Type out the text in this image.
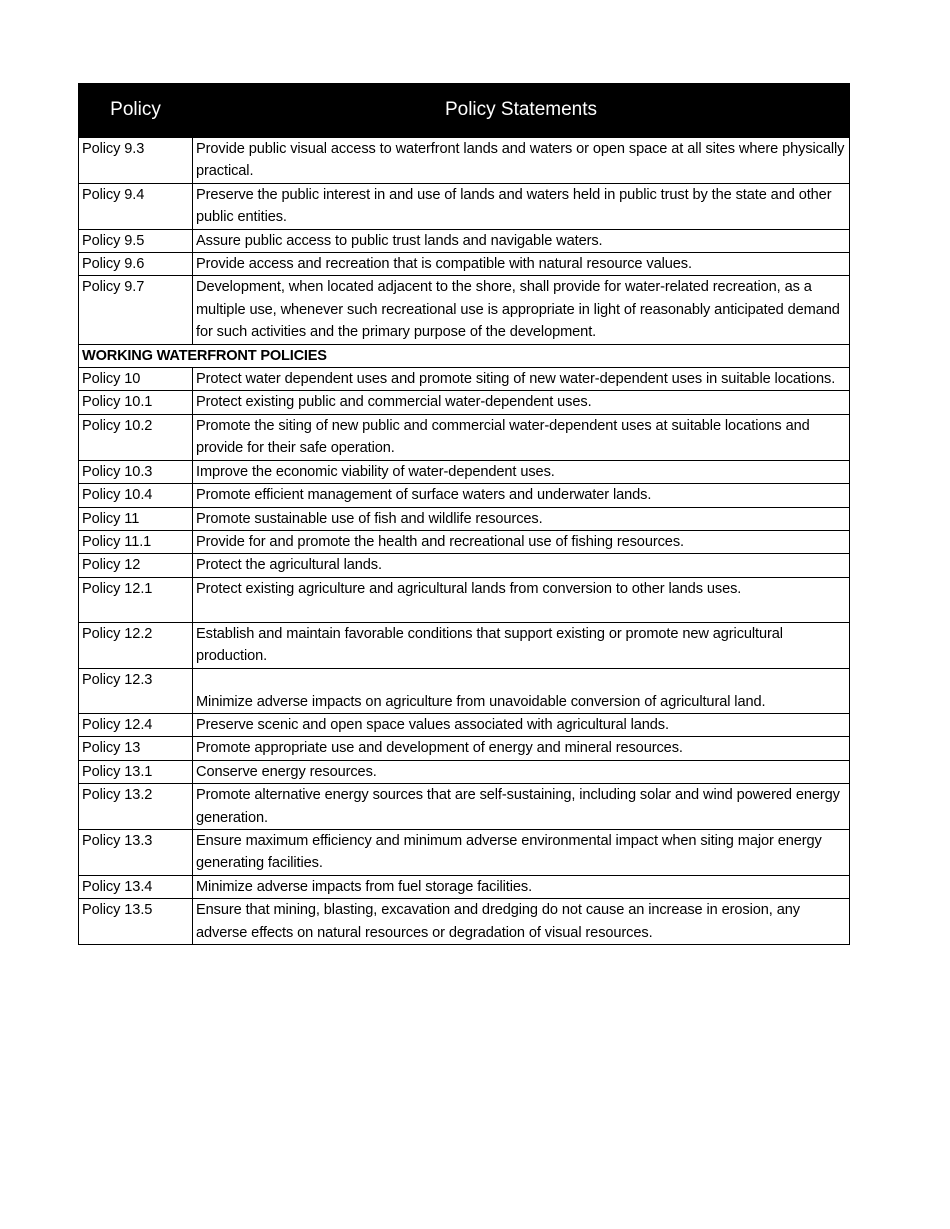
Policy	Policy Statements
Policy 9.3	Provide public visual access to waterfront lands and waters or open space at all sites where physically practical.
Policy 9.4	Preserve the public interest in and use of lands and waters held in public trust by the state and other public entities.
Policy 9.5	Assure public access to public trust lands and navigable waters.
Policy 9.6	Provide access and recreation that is compatible with natural resource values.
Policy 9.7	Development, when located adjacent to the shore, shall provide for water-related recreation, as a multiple use, whenever such recreational use is appropriate in light of reasonably anticipated demand for such activities and the primary purpose of the development.
WORKING WATERFRONT POLICIES	
Policy 10	Protect water dependent uses and promote siting of new water-dependent uses in suitable locations.
Policy 10.1	Protect existing public and commercial water-dependent uses.
Policy 10.2	Promote the siting of new public and commercial water-dependent uses at suitable locations and provide for their safe operation.
Policy 10.3	Improve the economic viability of water-dependent uses.
Policy 10.4	Promote efficient management of surface waters and underwater lands.
Policy 11	Promote sustainable use of fish and wildlife resources.
Policy 11.1	Provide for and promote the health and recreational use of fishing resources.
Policy 12	Protect the agricultural lands.
Policy 12.1	Protect existing agriculture and agricultural lands from conversion to other lands uses.
Policy 12.2	Establish and maintain favorable conditions that support existing or promote new agricultural production.
Policy 12.3	Minimize adverse impacts on agriculture from unavoidable conversion of agricultural land.
Policy 12.4	Preserve scenic and open space values associated with agricultural lands.
Policy 13	Promote appropriate use and development of energy and mineral resources.
Policy 13.1	Conserve energy resources.
Policy 13.2	Promote alternative energy sources that are self-sustaining, including solar and wind powered energy generation.
Policy 13.3	Ensure maximum efficiency and minimum adverse environmental impact when siting major energy generating facilities.
Policy 13.4	Minimize adverse impacts from fuel storage facilities.
Policy 13.5	Ensure that mining, blasting, excavation and dredging do not cause an increase in erosion, any adverse effects on natural resources or degradation of visual resources.
